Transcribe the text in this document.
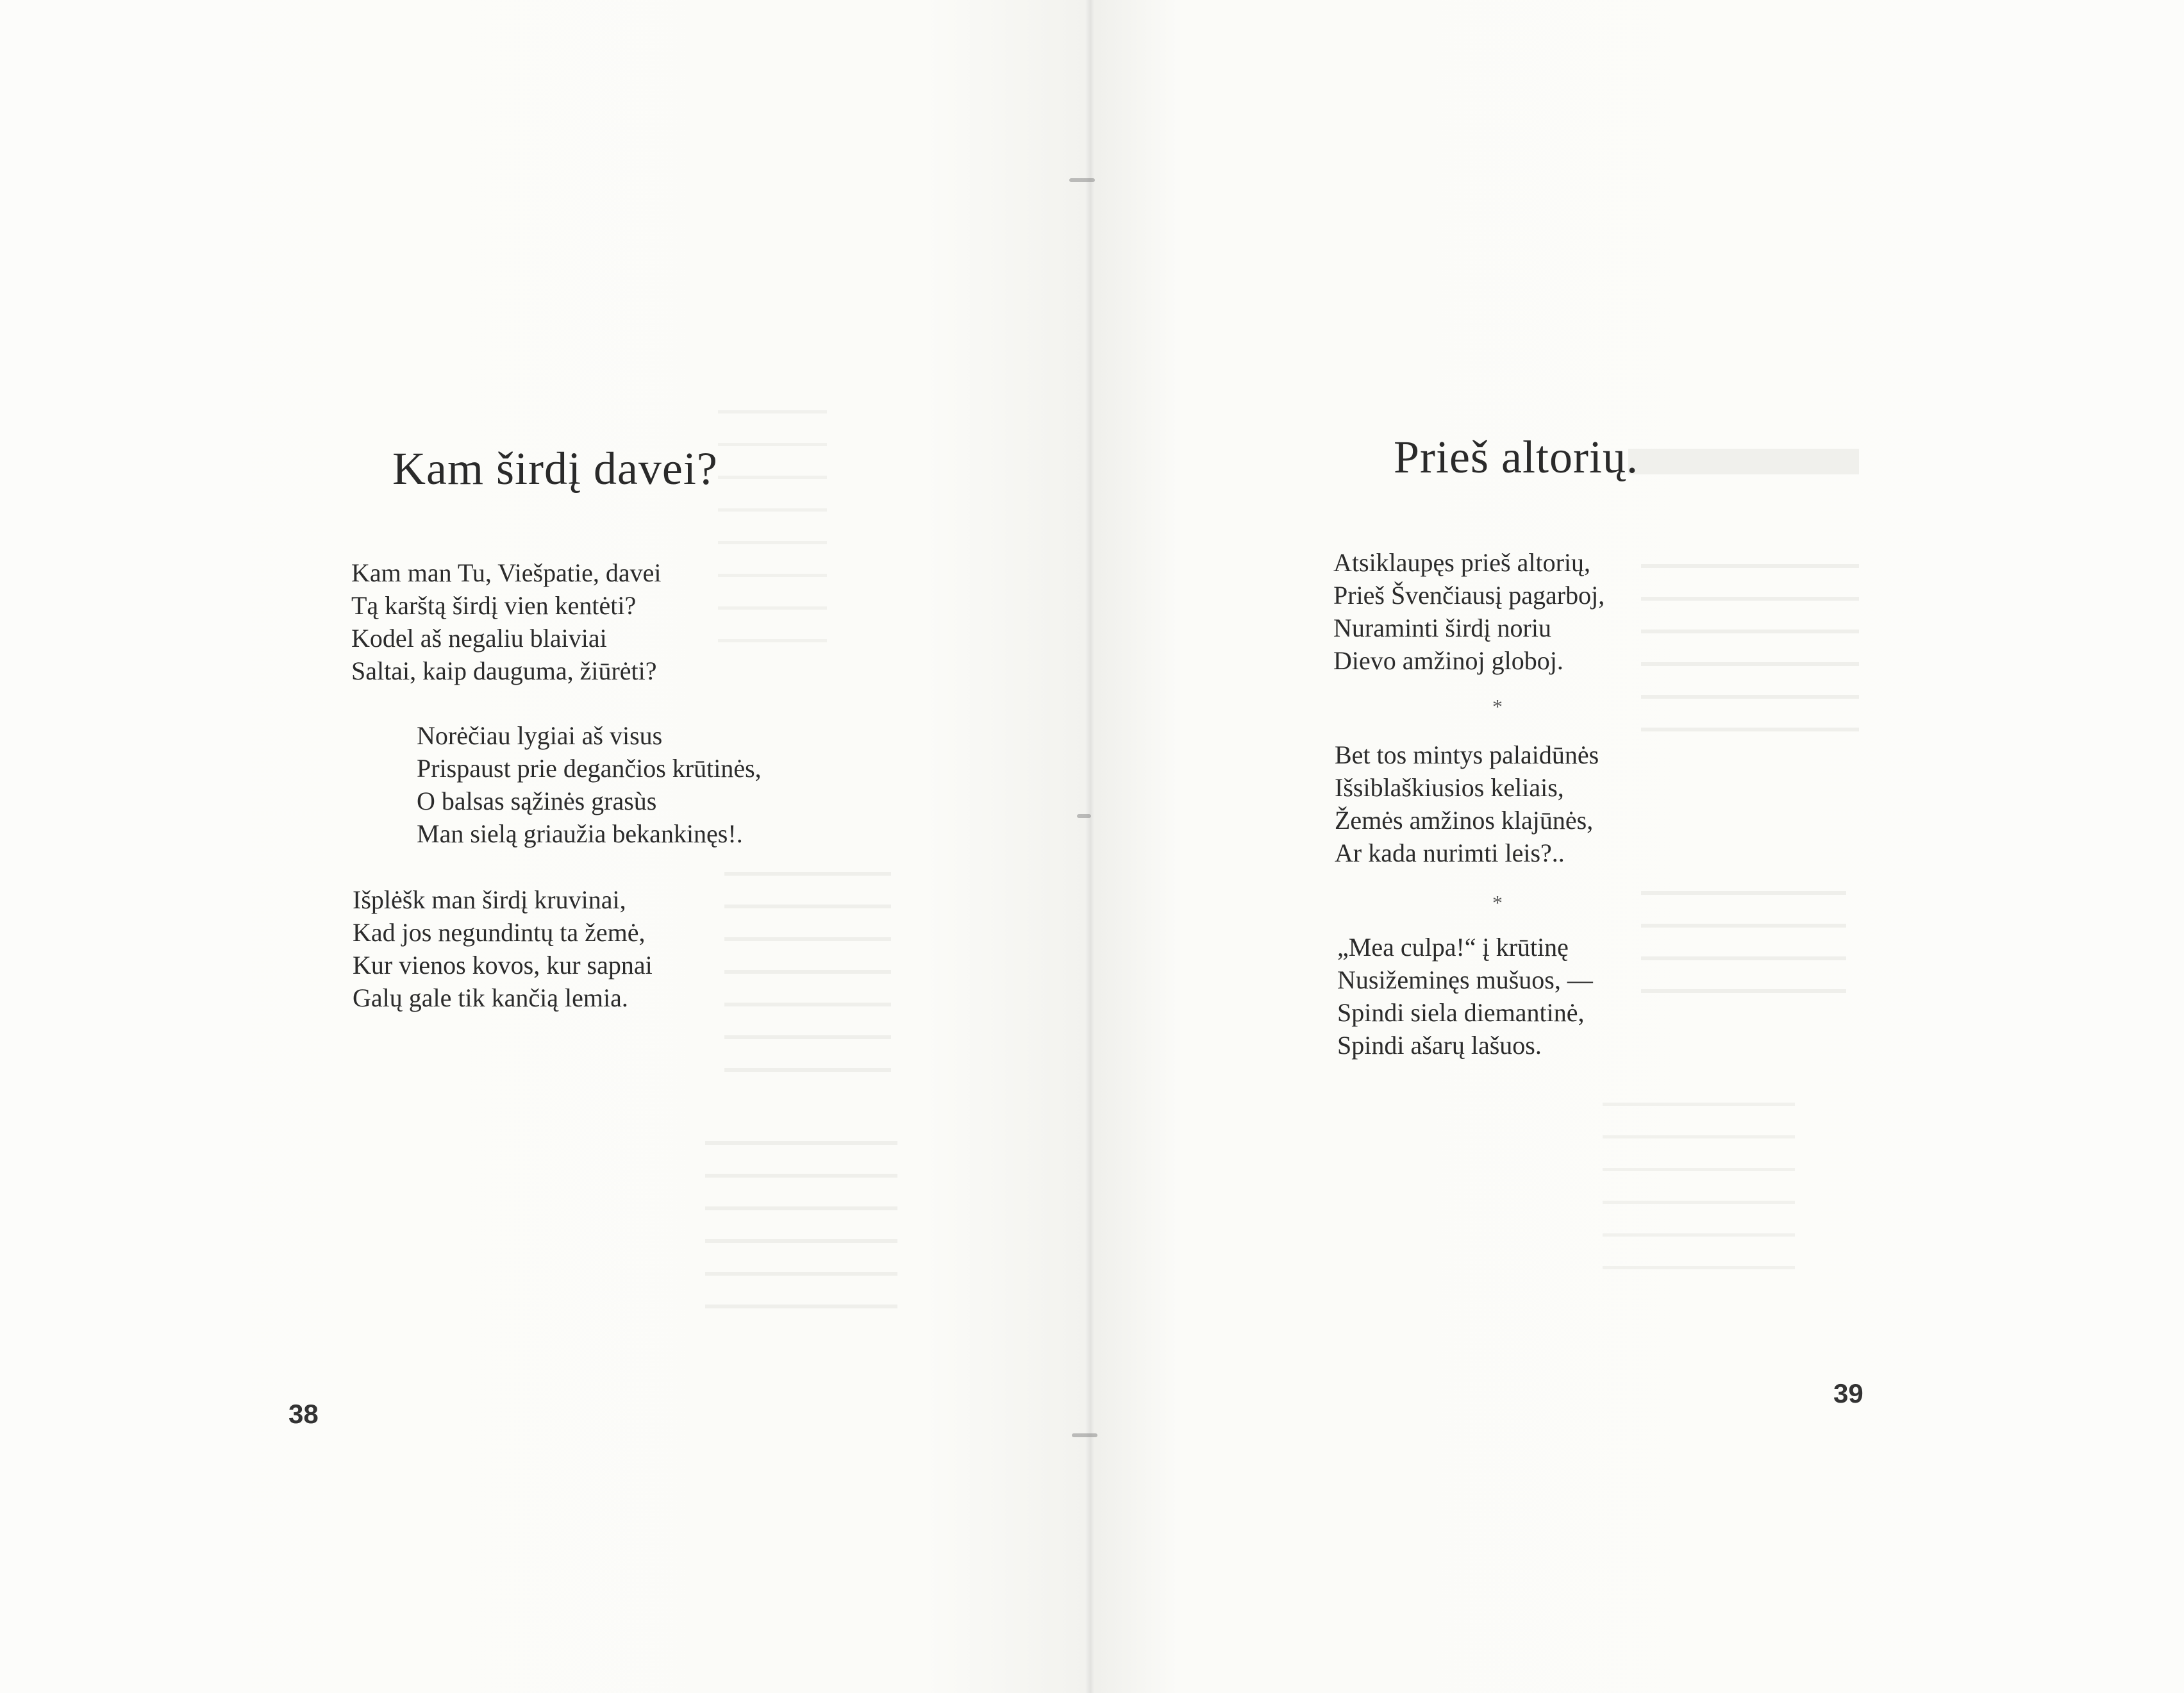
Kam širdį davei?
Kam man Tu, Viešpatie, davei
Tą karštą širdį vien kentėti?
Kodel aš negaliu blaiviai
Saltai, kaip dauguma, žiūrėti?
Norėčiau lygiai aš visus
Prispaust prie degančios krūtinės,
O balsas sąžinės grasùs
Man sielą griaužia bekankinęs!.
Išplėšk man širdį kruvinai,
Kad jos negundintų ta žemė,
Kur vienos kovos, kur sapnai
Galų gale tik kančią lemia.
38
Prieš altorių.
Atsiklaupęs prieš altorių,
Prieš Švenčiausį pagarboj,
Nuraminti širdį noriu
Dievo amžinoj globoj.
*
Bet tos mintys palaidūnės
Išsiblaškiusios keliais,
Žemės amžinos klajūnės,
Ar kada nurimti leis?..
*
„Mea culpa!“ į krūtinę
Nusižeminęs mušuos, —
Spindi siela diemantinė,
Spindi ašarų lašuos.
39
